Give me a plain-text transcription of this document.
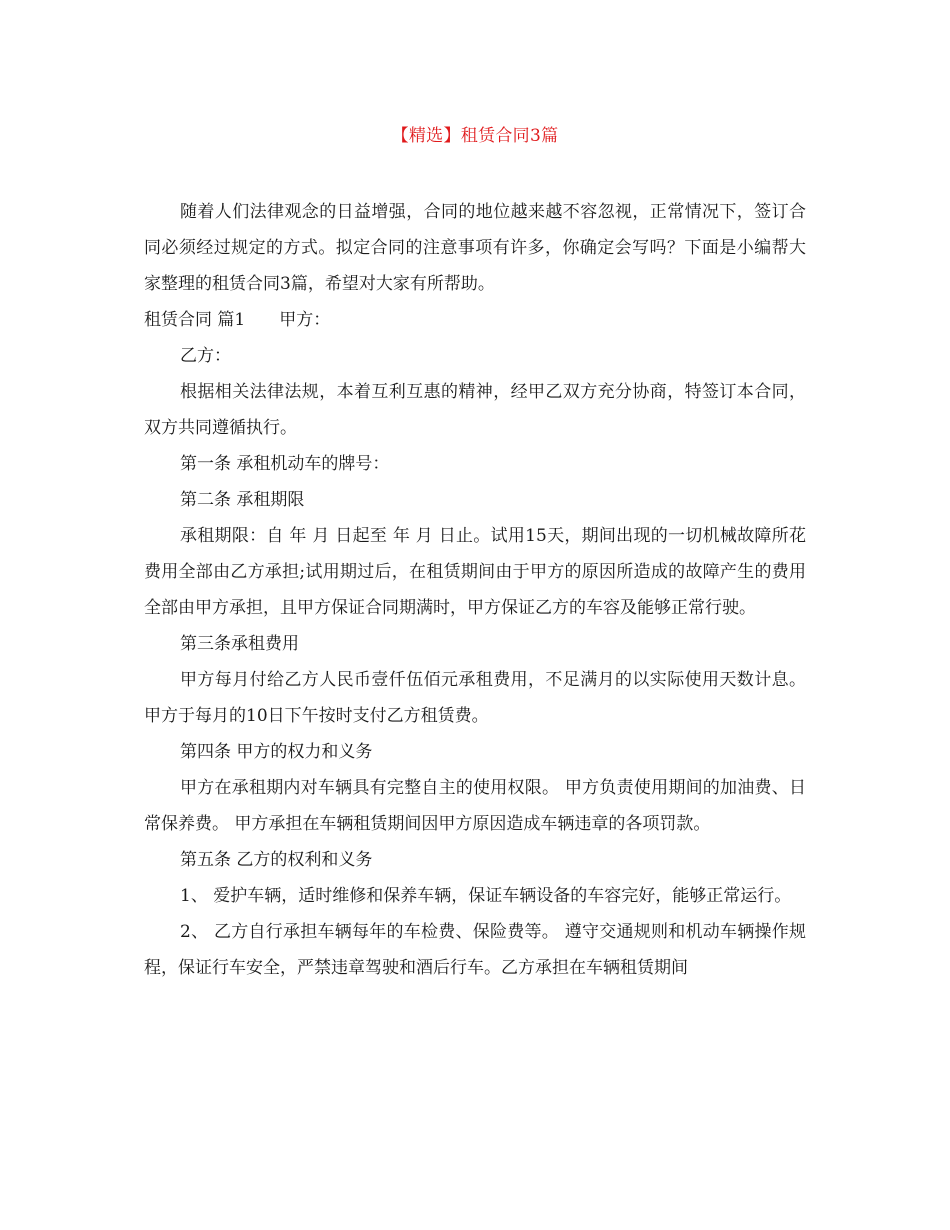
【精选】租赁合同3篇

随着人们法律观念的日益增强，合同的地位越来越不容忽视，正常情况下，签订合同必须经过规定的方式。拟定合同的注意事项有许多，你确定会写吗？下面是小编帮大家整理的租赁合同3篇，希望对大家有所帮助。

租赁合同 篇1 甲方：

乙方：

根据相关法律法规，本着互利互惠的精神，经甲乙双方充分协商，特签订本合同，双方共同遵循执行。

第一条 承租机动车的牌号：

第二条 承租期限

承租期限：自 年 月 日起至 年 月 日止。试用15天，期间出现的一切机械故障所花费用全部由乙方承担;试用期过后，在租赁期间由于甲方的原因所造成的故障产生的费用全部由甲方承担，且甲方保证合同期满时，甲方保证乙方的车容及能够正常行驶。

第三条承租费用

甲方每月付给乙方人民币壹仟伍佰元承租费用，不足满月的以实际使用天数计息。甲方于每月的10日下午按时支付乙方租赁费。

第四条 甲方的权力和义务

甲方在承租期内对车辆具有完整自主的使用权限。 甲方负责使用期间的加油费、日常保养费。 甲方承担在车辆租赁期间因甲方原因造成车辆违章的各项罚款。

第五条 乙方的权利和义务

1、 爱护车辆，适时维修和保养车辆，保证车辆设备的车容完好，能够正常运行。

2、 乙方自行承担车辆每年的车检费、保险费等。 遵守交通规则和机动车辆操作规程，保证行车安全，严禁违章驾驶和酒后行车。乙方承担在车辆租赁期间
